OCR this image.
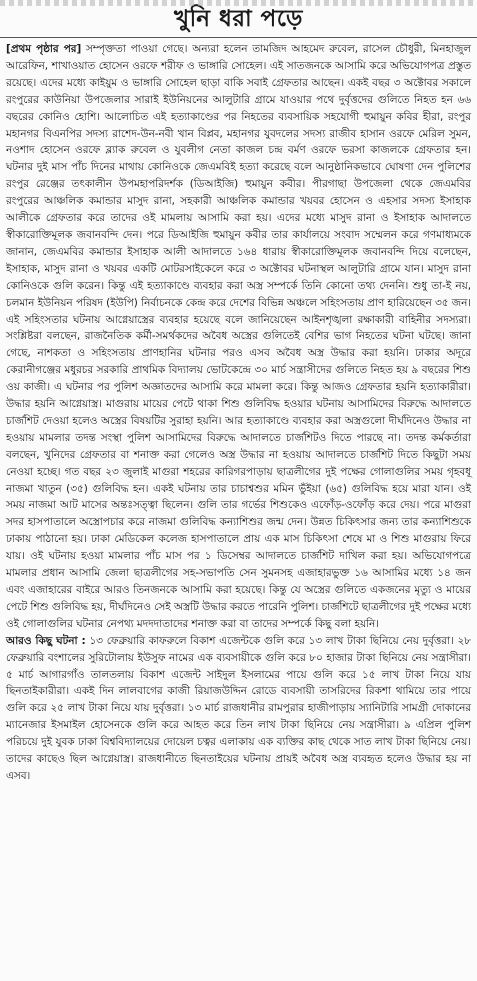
খুনি ধরা পড়ে

[প্রথম পৃষ্ঠার পর] সম্পৃক্ততা পাওয়া গেছে। অন্যরা হলেন তামজিদ আহমেদ রুবেল, রাসেল চৌধুরী, মিনহাজুল আরেফিন, শাখাওয়াত হোসেন ওরফে শরীফ ও ভাঙ্গারি সোহেল। এই সাতজনকে আসামি করে অভিযোগপত্র প্রস্তুত রয়েছে। এদের মধ্যে কাইয়ুম ও ভাঙ্গারি সোহেল ছাড়া বাকি সবাই গ্রেফতার আছেন। একই বছর ৩ অক্টোবর সকালে রংপুরের কাউনিয়া উপজেলার সারাই ইউনিয়নের আলুটারি গ্রামে যাওয়ার পথে দুর্বৃত্তদের গুলিতে নিহত হন ৬৬ বছরের কোনিও হোশি। আলোচিত এই হত্যাকাণ্ডের পর নিহতের ব্যবসায়িক সহযোগী হুমায়ুন কবির হীরা, রংপুর মহানগর বিএনপির সদস্য রাশেদ-উন-নবী খান বিপ্লব, মহানগর যুবদলের সদস্য রাজীব হাসান ওরফে মেরিল সুমন, নওশাদ হোসেন ওরফে ব্ল্যাক রুবেল ও যুবলীগ নেতা কাজল চন্দ্র বর্মণ ওরফে ভরসা কাজলকে গ্রেফতার হন। ঘটনার দুই মাস পাঁচ দিনের মাথায় কোনিওকে জেএমবিই হত্যা করেছে বলে আনুষ্ঠানিকভাবে ঘোষণা দেন পুলিশের রংপুর রেঞ্জের তৎকালীন উপমহাপরিদর্শক (ডিআইজি) হুমায়ুন কবীর। পীরগাছা উপজেলা থেকে জেএমবির রংপুরের আঞ্চলিক কমান্ডার মাসুদ রানা, সহকারী আঞ্চলিক কমান্ডার খয়বর হোসেন ও এহসার সদস্য ইসাহাক আলীকে গ্রেফতার করে তাদের ওই মামলায় আসামি করা হয়। এদের মধ্যে মাসুদ রানা ও ইসাহাক আদালতে স্বীকারোক্তিমূলক জবানবন্দি দেন। পরে ডিআইজি হুমায়ুন কবীর তার কার্যালয়ে সংবাদ সম্মেলন করে গণমাধ্যমকে জানান, জেএমবির কমান্ডার ইসাহাক আলী আদালতে ১৬৪ ধারায় স্বীকারোক্তিমূলক জবানবন্দি দিয়ে বলেছেন, ইসাহাক, মাসুদ রানা ও খয়বর একটি মোটরসাইকেলে করে ৩ অক্টোবর ঘটনাস্থল আলুটারি গ্রামে যান। মাসুদ রানা কোনিওকে গুলি করেন। কিন্তু এই হত্যাকাণ্ডে ব্যবহার করা অস্ত্র সম্পর্কে তিনি কোনো তথ্য দেননি। শুধু তা-ই নয়, চলমান ইউনিয়ন পরিষদ (ইউপি) নির্বাচনকে কেন্দ্র করে দেশের বিভিন্ন অঞ্চলে সহিংসতায় প্রাণ হারিয়েছেন ৩৫ জন। এই সহিংসতার ঘটনায় আগ্নেয়াস্ত্রের ব্যবহার হয়েছে বলে জানিয়েছেন আইনশৃঙ্খলা রক্ষাকারী বাহিনীর সদস্যরা। সংশ্লিষ্টরা বলছেন, রাজনৈতিক কর্মী-সমর্থকদের অবৈধ অস্ত্রের গুলিতেই বেশির ভাগ নিহতের ঘটনা ঘটছে। জানা গেছে, নাশকতা ও সহিংসতায় প্রাণহানির ঘটনার পরও এসব অবৈধ অস্ত্র উদ্ধার করা হয়নি। ঢাকার অদূরে কেরানীগঞ্জের মধুরচর সরকারি প্রাথমিক বিদ্যালয় ভোটকেন্দ্রে ৩০ মার্চ সন্ত্রাসীদের গুলিতে নিহত হয় ৯ বছরের শিশু ওয় কাজী। এ ঘটনার পর পুলিশ অজ্ঞাতদের আসামি করে মামলা করে। কিন্তু আজও গ্রেফতার হয়নি হত্যাকারীরা। উদ্ধার হয়নি আগ্নেয়াস্ত্র। মাগুরায় মায়ের পেটে থাকা শিশু গুলিবিদ্ধ হওয়ার ঘটনায় আসামিদের বিরুদ্ধে আদালতে চার্জশিট দেওয়া হলেও অস্ত্রের বিষয়টির সুরাহা হয়নি। আর হত্যাকাণ্ডে ব্যবহার করা অস্ত্রগুলো দীর্ঘদিনেও উদ্ধার না হওয়ায় মামলার তদন্ত সংস্থা পুলিশ আসামিদের বিরুদ্ধে আদালতে চার্জশিটও দিতে পারছে না। তদন্ত কর্মকর্তারা বলছেন, খুনিদের গ্রেফতার বা শনাক্ত করা গেলেও অস্ত্র উদ্ধার না হওয়ায় আদালতে চার্জশিট দিতে কিছুটা সময় নেওয়া হচ্ছে। গত বছর ২৩ জুলাই মাগুরা শহরের কারিগরপাড়ায় ছাত্রলীগের দুই পক্ষের গোলাগুলির সময় গৃহবধূ নাজমা খাতুন (৩৫) গুলিবিদ্ধ হন। একই ঘটনায় তার চাচাশ্বশুর মমিন ভুঁইয়া (৬৫) গুলিবিদ্ধ হয়ে মারা যান। ওই সময় নাজমা আট মাসের অন্তঃসত্ত্বা ছিলেন। গুলি তার গর্ভের শিশুকেও এফোঁড়-ওফোঁড় করে দেয়। পরে মাগুরা সদর হাসপাতালে অস্ত্রোপচার করে নাজমা গুলিবিদ্ধ কন্যাশিশুর জন্ম দেন। উন্নত চিকিৎসার জন্য তার কন্যাশিশুকে ঢাকায় পাঠানো হয়। ঢাকা মেডিকেল কলেজ হাসপাতালে প্রায় এক মাস চিকিৎসা শেষে মা ও শিশু মাগুরায় ফিরে যায়। ওই ঘটনায় হওয়া মামলার পাঁচ মাস পর ১ ডিসেম্বর আদালতে চার্জশিট দাখিল করা হয়। অভিযোগপত্রে মামলার প্রধান আসামি জেলা ছাত্রলীগের সহ-সভাপতি সেন সুমনসহ এজাহারভুক্ত ১৬ আসামির মধ্যে ১৪ জন এবং এজাহারের বাইরে আরও তিনজনকে আসামি করা হয়েছে। কিন্তু যে অস্ত্রের গুলিতে একজনের মৃত্যু ও মায়ের পেটে শিশু গুলিবিদ্ধ হয়, দীর্ঘদিনেও সেই অস্ত্রটি উদ্ধার করতে পারেনি পুলিশ। চার্জশিটে ছাত্রলীগের দুই পক্ষের মধ্যে ওই গোলাগুলির ঘটনার নেপথ্য মদদদাতাদের শনাক্ত করা বা তাদের সম্পর্কে কিছু বলা হয়নি।

আরও কিছু ঘটনা : ১৩ ফেব্রুয়ারি কাফরুলে বিকাশ এজেন্টকে গুলি করে ১৩ লাখ টাকা ছিনিয়ে নেয় দুর্বৃত্তরা। ২৮ ফেব্রুয়ারি বংশালের সুরিটোলায় ইউসুফ নামের এক ব্যবসায়ীকে গুলি করে ৮০ হাজার টাকা ছিনিয়ে নেয় সন্ত্রাসীরা। ৫ মার্চ আগারগাঁও তালতলায় বিকাশ এজেন্ট সাইদুল ইসলামের পায়ে গুলি করে ১৫ লাখ টাকা নিয়ে যায় ছিনতাইকারীরা। একই দিন লালবাগের কাজী রিয়াজউদ্দিন রোডে ব্যবসায়ী তাসরিদের রিকশা থামিয়ে তার পায়ে গুলি করে ২৫ লাখ টাকা নিয়ে যায় দুর্বৃত্তরা। ১৩ মার্চ রাজধানীর রামপুরার হাজীপাড়ায় স্যানিটারি সামগ্রী দোকানের ম্যানেজার ইসমাইল হোসেনকে গুলি করে আহত করে তিন লাখ টাকা ছিনিয়ে নেয় সন্ত্রাসীরা। ৯ এপ্রিল পুলিশ পরিচয়ে দুই যুবক ঢাকা বিশ্ববিদ্যালয়ের দোয়েল চত্বর এলাকায় এক ব্যক্তির কাছ থেকে সাত লাখ টাকা ছিনিয়ে নেয়। তাদের কাছেও ছিল আগ্নেয়াস্ত্র। রাজধানীতে ছিনতাইয়ের ঘটনায় প্রায়ই অবৈধ অস্ত্র ব্যবহৃত হলেও উদ্ধার হয় না এসব।
